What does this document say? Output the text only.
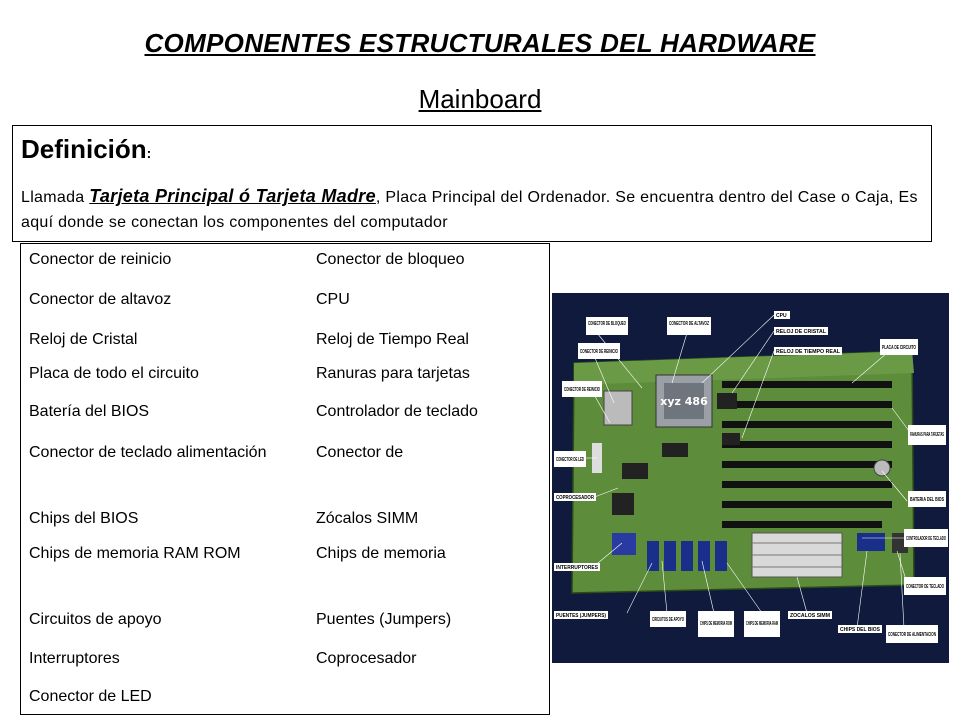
COMPONENTES ESTRUCTURALES DEL HARDWARE
Mainboard
Definición:
Llamada Tarjeta Principal ó Tarjeta Madre, Placa Principal del Ordenador. Se encuentra dentro del Case o Caja, Es aquí donde se conectan los componentes del computador
Conector de reinicio	Conector de bloqueo
Conector de altavoz	CPU
Reloj de Cristal	Reloj de Tiempo Real
Placa de todo el circuito	Ranuras para tarjetas
Batería del BIOS	Controlador de teclado
Conector de teclado alimentación	Conector de
Chips del BIOS	Zócalos SIMM
Chips de memoria RAM ROM	Chips de memoria
Circuitos de apoyo	Puentes (Jumpers)
Interruptores	Coprocesador
Conector de LED
xyz 486
CONECTOR DE BLOQUEO	CONECTOR DE ALTAVOZ
CONECTOR DE REINICIO
CPU
RELOJ DE CRISTAL
RELOJ DE TIEMPO REAL
PLACA DE CIRCUITO
CONECTOR DE REINICIO
RANURAS PARA TARJETAS
CONECTOR DE LED
BATERIA DEL BIOS
COPROCESADOR
CONTROLADOR DE TECLADO
INTERRUPTORES
CONECTOR DE TECLADO
PUENTES (JUMPERS)
CIRCUITOS DE APOYO
CHIPS DE MEMORIA ROM	CHIPS DE MEMORIA RAM
ZOCALOS SIMM
CHIPS DEL BIOS
CONECTOR DE ALIMENTACION
